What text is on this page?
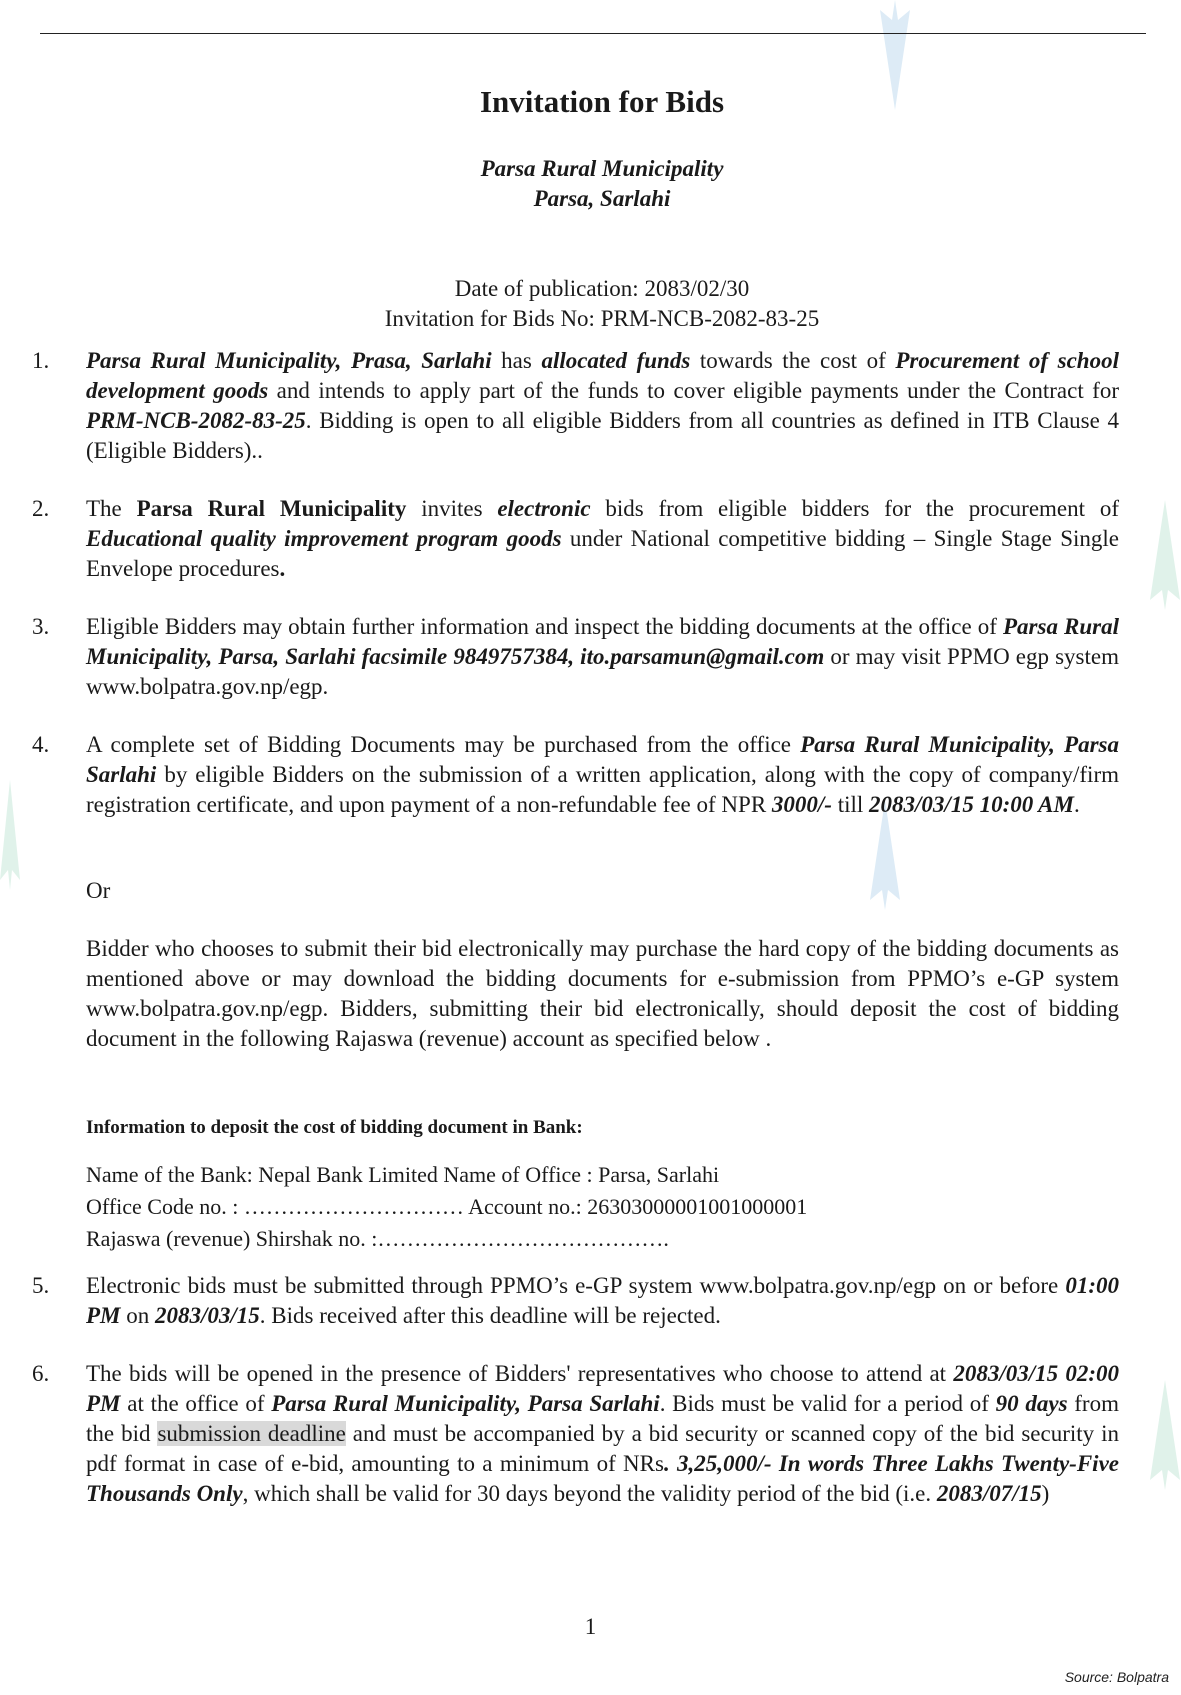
Invitation for Bids
Parsa Rural Municipality
Parsa, Sarlahi
Date of publication: 2083/02/30
Invitation for Bids No: PRM-NCB-2082-83-25
1. Parsa Rural Municipality, Prasa, Sarlahi has allocated funds towards the cost of Procurement of school development goods and intends to apply part of the funds to cover eligible payments under the Contract for PRM-NCB-2082-83-25. Bidding is open to all eligible Bidders from all countries as defined in ITB Clause 4 (Eligible Bidders)..
2. The Parsa Rural Municipality invites electronic bids from eligible bidders for the procurement of Educational quality improvement program goods under National competitive bidding – Single Stage Single Envelope procedures.
3. Eligible Bidders may obtain further information and inspect the bidding documents at the office of Parsa Rural Municipality, Parsa, Sarlahi facsimile 9849757384, ito.parsamun@gmail.com or may visit PPMO egp system www.bolpatra.gov.np/egp.
4. A complete set of Bidding Documents may be purchased from the office Parsa Rural Municipality, Parsa Sarlahi by eligible Bidders on the submission of a written application, along with the copy of company/firm registration certificate, and upon payment of a non-refundable fee of NPR 3000/- till 2083/03/15 10:00 AM.
Or
Bidder who chooses to submit their bid electronically may purchase the hard copy of the bidding documents as mentioned above or may download the bidding documents for e-submission from PPMO’s e-GP system www.bolpatra.gov.np/egp. Bidders, submitting their bid electronically, should deposit the cost of bidding document in the following Rajaswa (revenue) account as specified below .
Information to deposit the cost of bidding document in Bank:
Name of the Bank: Nepal Bank Limited Name of Office : Parsa, Sarlahi
Office Code no. : ………………………… Account no.: 26303000001001000001
Rajaswa (revenue) Shirshak no. :………………………………….
5. Electronic bids must be submitted through PPMO’s e-GP system www.bolpatra.gov.np/egp on or before 01:00 PM on 2083/03/15. Bids received after this deadline will be rejected.
6. The bids will be opened in the presence of Bidders' representatives who choose to attend at 2083/03/15 02:00 PM at the office of Parsa Rural Municipality, Parsa Sarlahi. Bids must be valid for a period of 90 days from the bid submission deadline and must be accompanied by a bid security or scanned copy of the bid security in pdf format in case of e-bid, amounting to a minimum of NRs. 3,25,000/- In words Three Lakhs Twenty-Five Thousands Only, which shall be valid for 30 days beyond the validity period of the bid (i.e. 2083/07/15)
1
Source: Bolpatra
